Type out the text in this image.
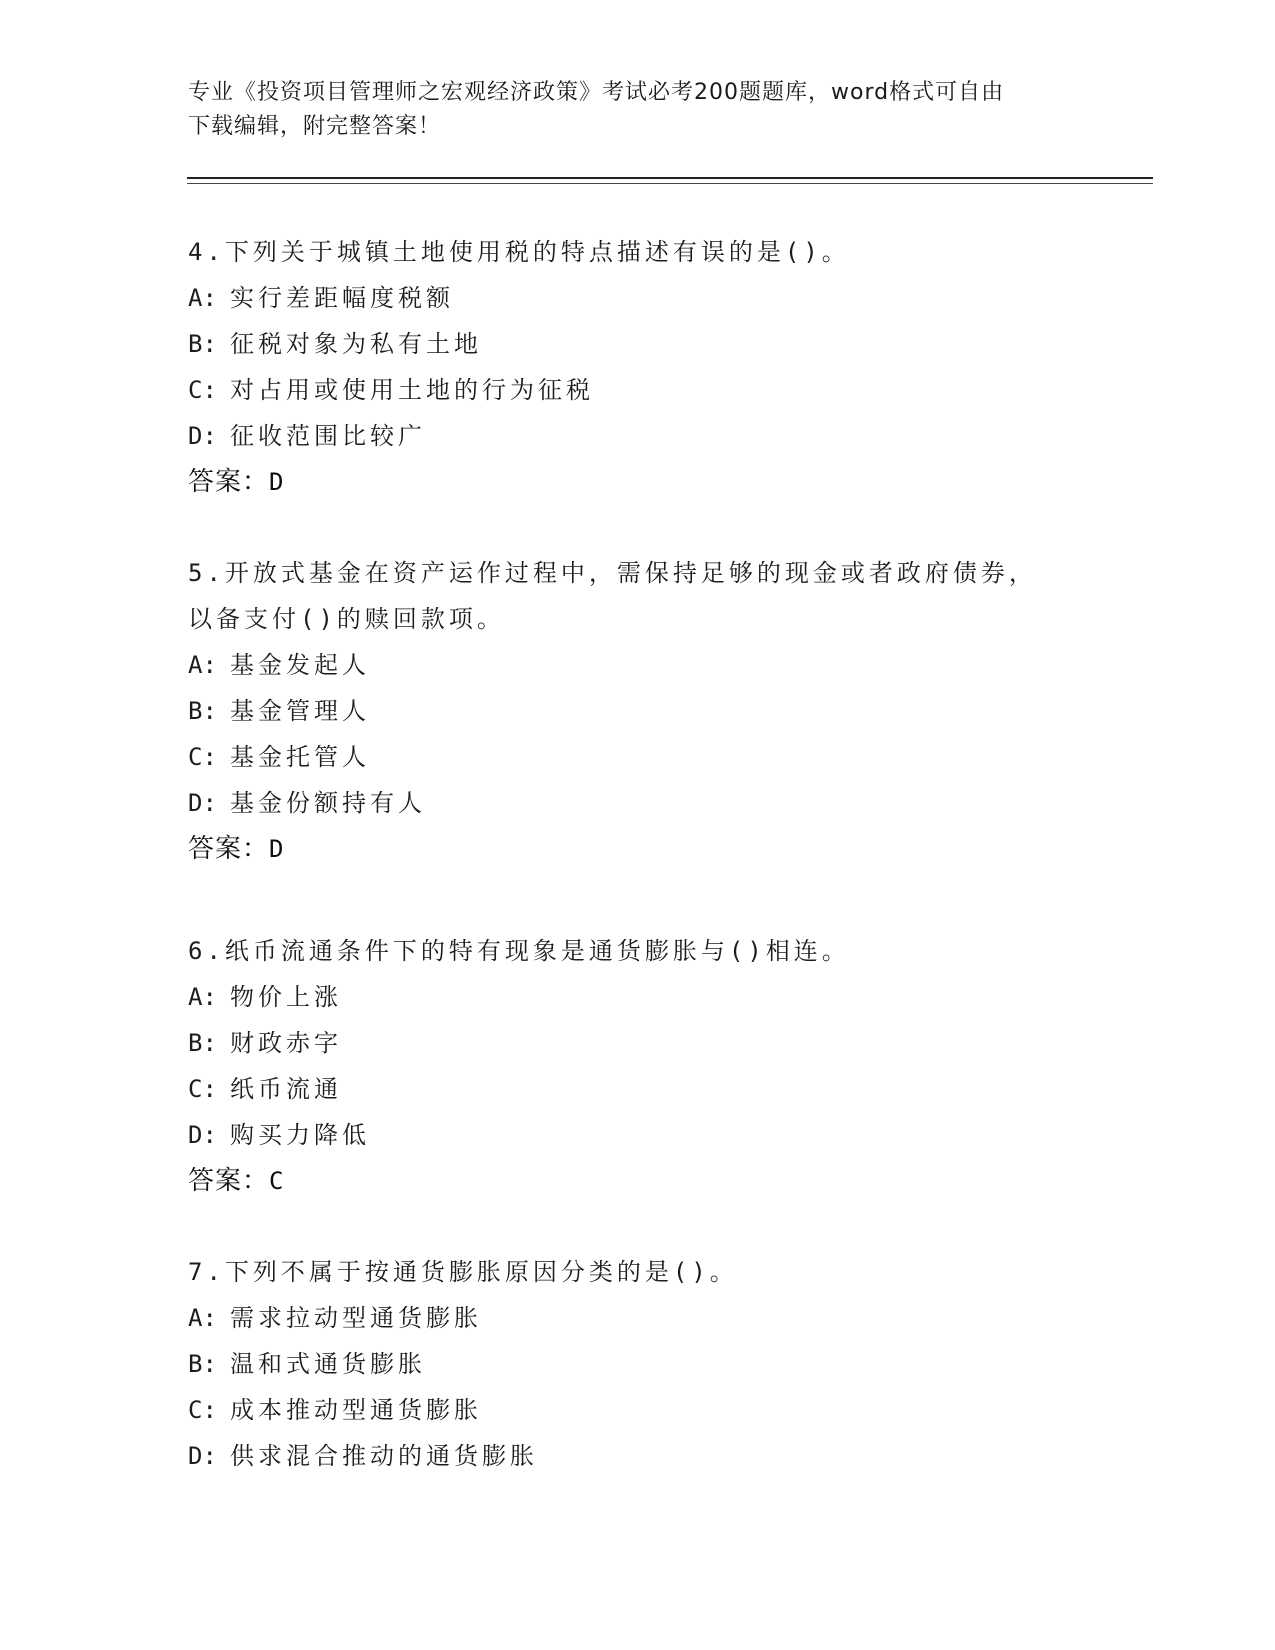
专业《投资项目管理师之宏观经济政策》考试必考200题题库，word格式可自由
下载编辑，附完整答案！
4.下列关于城镇土地使用税的特点描述有误的是()。
A: 实行差距幅度税额
B: 征税对象为私有土地
C: 对占用或使用土地的行为征税
D: 征收范围比较广
答案：D
5.开放式基金在资产运作过程中，需保持足够的现金或者政府债券，
以备支付()的赎回款项。
A: 基金发起人
B: 基金管理人
C: 基金托管人
D: 基金份额持有人
答案：D
6.纸币流通条件下的特有现象是通货膨胀与()相连。
A: 物价上涨
B: 财政赤字
C: 纸币流通
D: 购买力降低
答案：C
7.下列不属于按通货膨胀原因分类的是()。
A: 需求拉动型通货膨胀
B: 温和式通货膨胀
C: 成本推动型通货膨胀
D: 供求混合推动的通货膨胀
